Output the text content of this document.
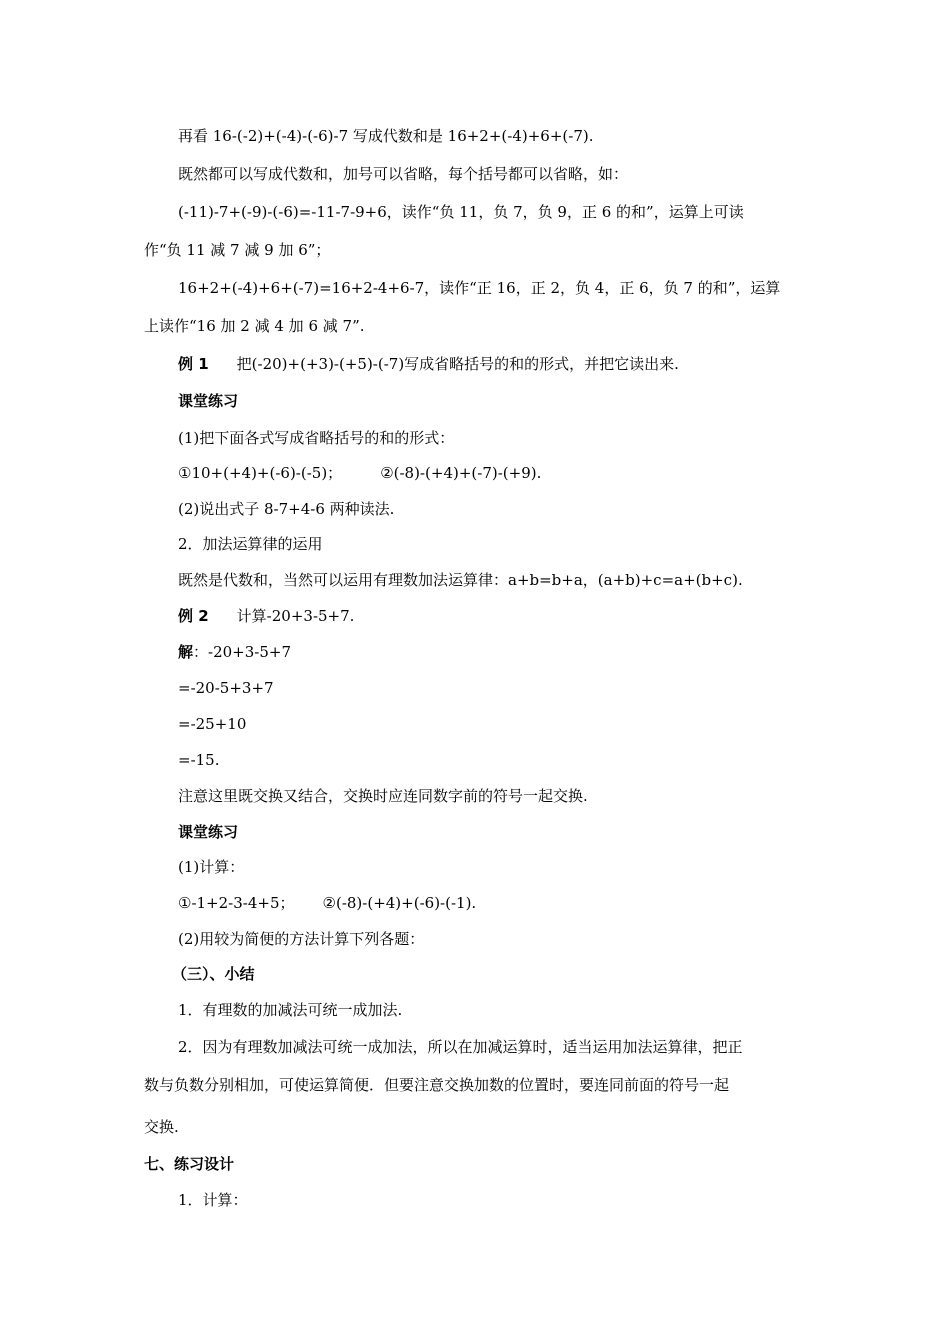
再看 16-(-2)+(-4)-(-6)-7 写成代数和是 16+2+(-4)+6+(-7).
既然都可以写成代数和，加号可以省略，每个括号都可以省略，如：
(-11)-7+(-9)-(-6)=-11-7-9+6，读作“负 11，负 7，负 9，正 6 的和”，运算上可读
作“负 11 减 7 减 9 加 6”；
16+2+(-4)+6+(-7)=16+2-4+6-7，读作“正 16，正 2，负 4，正 6，负 7 的和”，运算
上读作“16 加 2 减 4 加 6 减 7”.
例 1 把(-20)+(+3)-(+5)-(-7)写成省略括号的和的形式，并把它读出来.
课堂练习
(1)把下面各式写成省略括号的和的形式：
①10+(+4)+(-6)-(-5)；	②(-8)-(+4)+(-7)-(+9).
(2)说出式子 8-7+4-6 两种读法.
2．加法运算律的运用
既然是代数和，当然可以运用有理数加法运算律：a+b=b+a，(a+b)+c=a+(b+c).
例 2 计算-20+3-5+7.
解：-20+3-5+7
=-20-5+3+7
=-25+10
=-15.
注意这里既交换又结合，交换时应连同数字前的符号一起交换.
课堂练习
(1)计算：
①-1+2-3-4+5； ②(-8)-(+4)+(-6)-(-1).
(2)用较为简便的方法计算下列各题：
（三）、小结
1．有理数的加减法可统一成加法.
2．因为有理数加减法可统一成加法，所以在加减运算时，适当运用加法运算律，把正
数与负数分别相加，可使运算简便．但要注意交换加数的位置时，要连同前面的符号一起
交换.
七、练习设计
1．计算：
